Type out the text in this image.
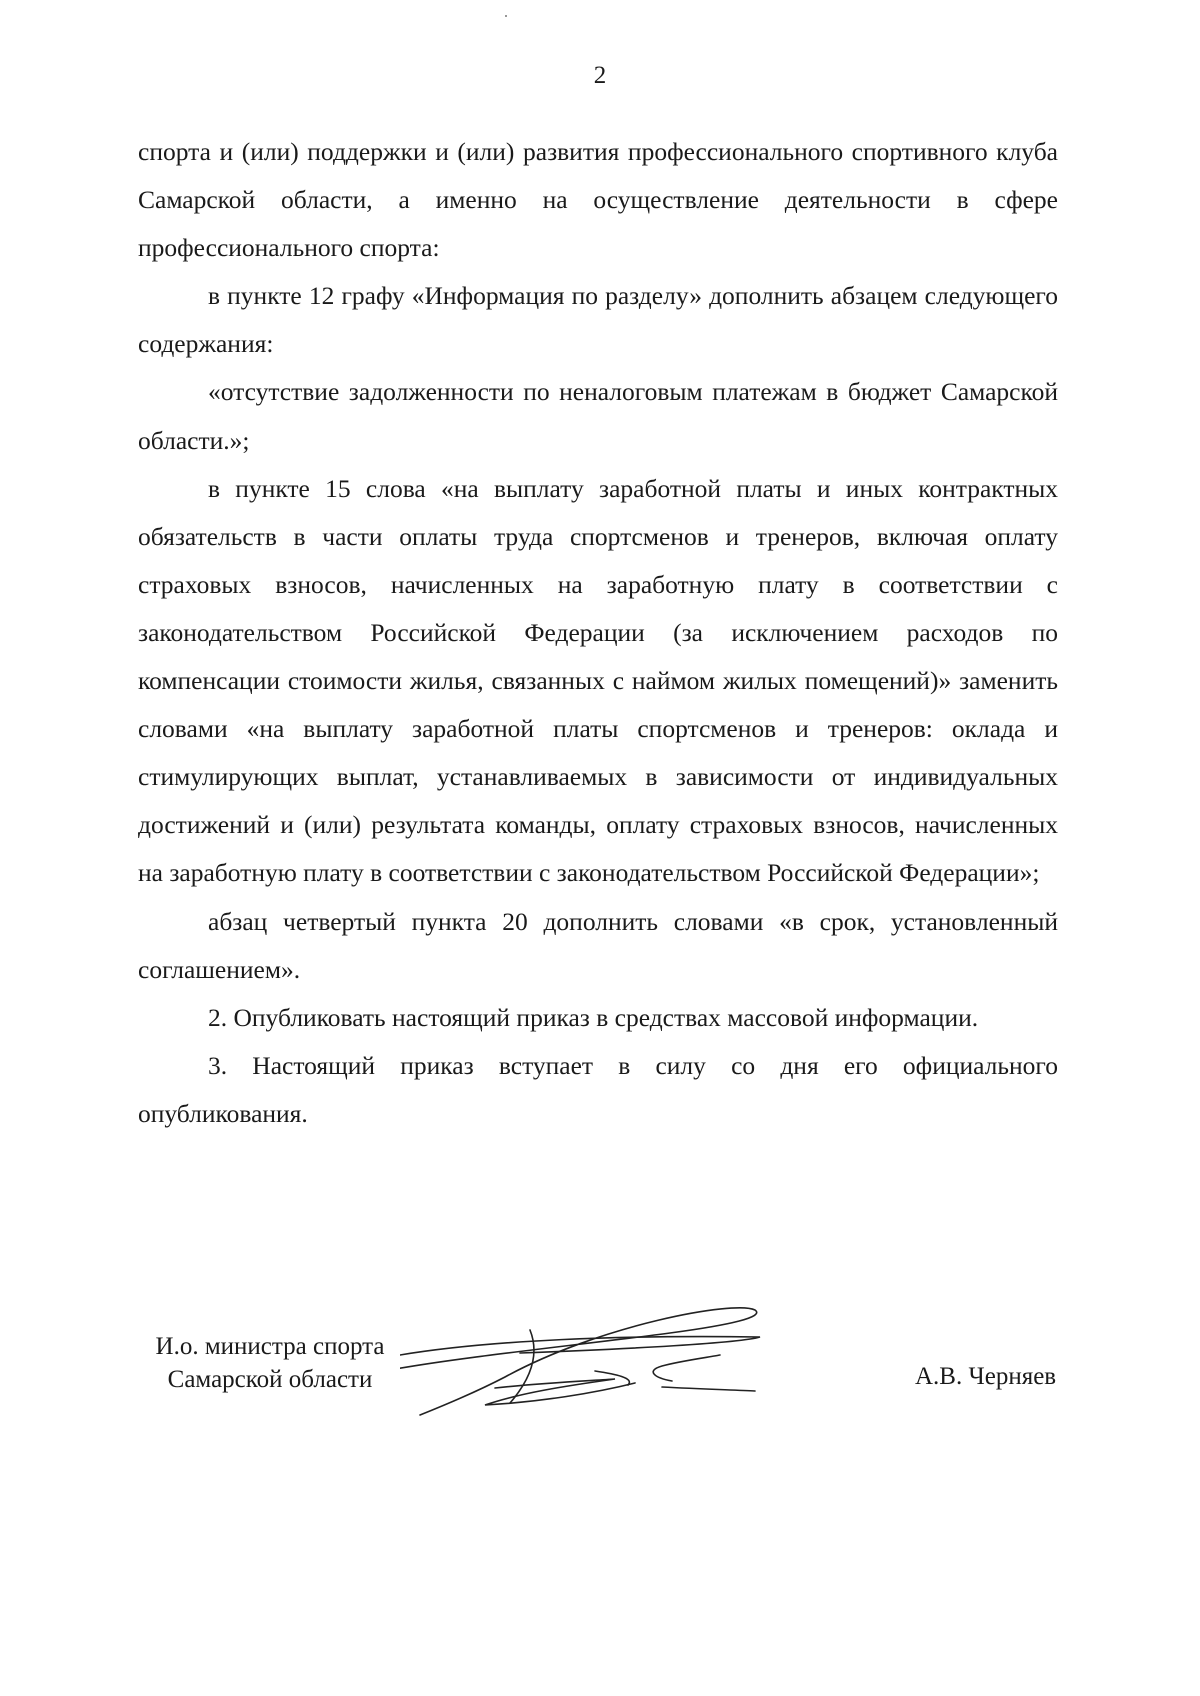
2

спорта и (или) поддержки и (или) развития профессионального спортивного клуба Самарской области, а именно на осуществление деятельности в сфере профессионального спорта:

в пункте 12 графу «Информация по разделу» дополнить абзацем следующего содержания:

«отсутствие задолженности по неналоговым платежам в бюджет Самарской области.»;

в пункте 15 слова «на выплату заработной платы и иных контрактных обязательств в части оплаты труда спортсменов и тренеров, включая оплату страховых взносов, начисленных на заработную плату в соответствии с законодательством Российской Федерации (за исключением расходов по компенсации стоимости жилья, связанных с наймом жилых помещений)» заменить словами «на выплату заработной платы спортсменов и тренеров: оклада и стимулирующих выплат, устанавливаемых в зависимости от индивидуальных достижений и (или) результата команды, оплату страховых взносов, начисленных на заработную плату в соответствии с законодательством Российской Федерации»;

абзац четвертый пункта 20 дополнить словами «в срок, установленный соглашением».

2. Опубликовать настоящий приказ в средствах массовой информации.

3. Настоящий приказ вступает в силу со дня его официального опубликования.

И.о. министра спорта
Самарской области	А.В. Черняев
